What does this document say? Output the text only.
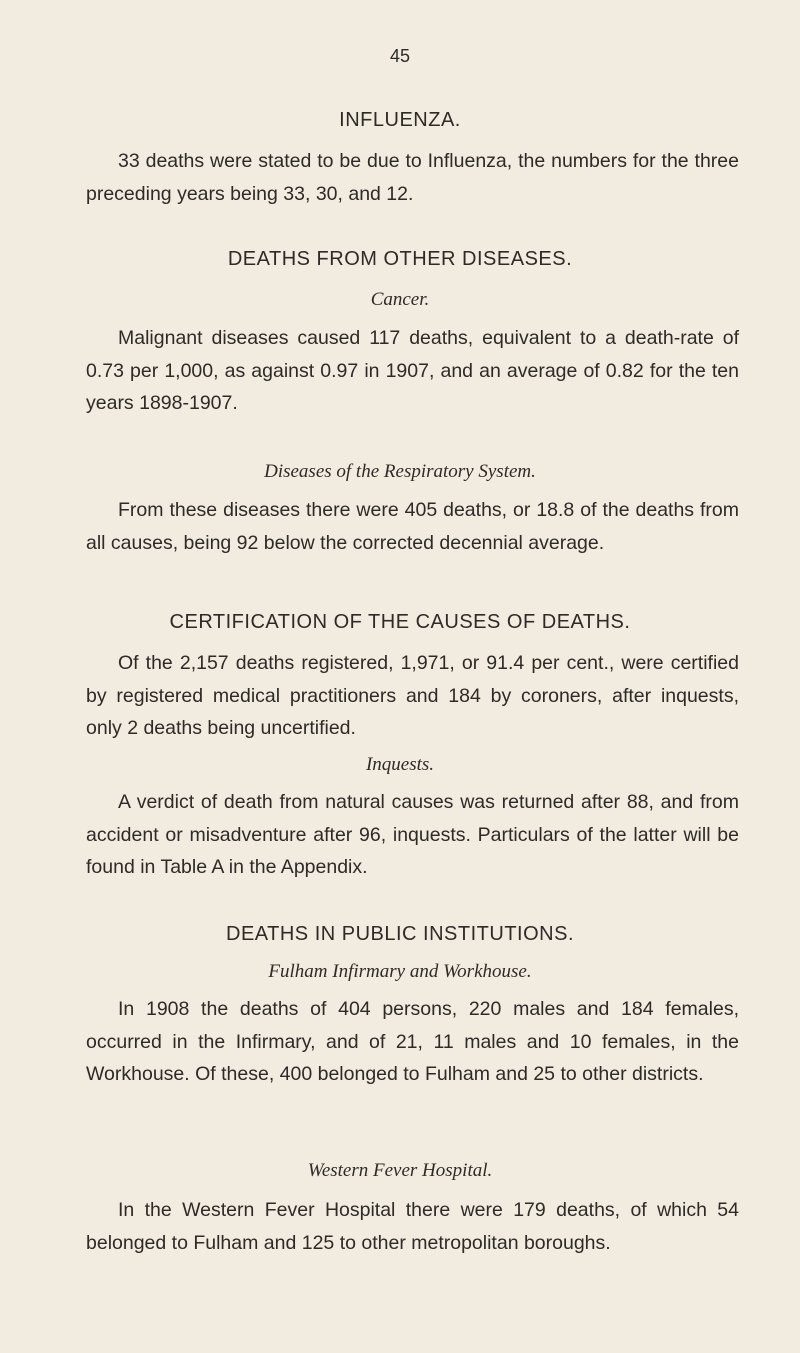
45
INFLUENZA.

33 deaths were stated to be due to Influenza, the numbers for the three preceding years being 33, 30, and 12.

DEATHS FROM OTHER DISEASES.
Cancer.

Malignant diseases caused 117 deaths, equivalent to a death-rate of 0.73 per 1,000, as against 0.97 in 1907, and an average of 0.82 for the ten years 1898-1907.

Diseases of the Respiratory System.

From these diseases there were 405 deaths, or 18.8 of the deaths from all causes, being 92 below the corrected decennial average.

CERTIFICATION OF THE CAUSES OF DEATHS.

Of the 2,157 deaths registered, 1,971, or 91.4 per cent., were certified by registered medical practitioners and 184 by coroners, after inquests, only 2 deaths being uncertified.

Inquests.

A verdict of death from natural causes was returned after 88, and from accident or misadventure after 96, inquests. Particulars of the latter will be found in Table A in the Appendix.

DEATHS IN PUBLIC INSTITUTIONS.
Fulham Infirmary and Workhouse.

In 1908 the deaths of 404 persons, 220 males and 184 females, occurred in the Infirmary, and of 21, 11 males and 10 females, in the Workhouse. Of these, 400 belonged to Fulham and 25 to other districts.

Western Fever Hospital.

In the Western Fever Hospital there were 179 deaths, of which 54 belonged to Fulham and 125 to other metropolitan boroughs.
